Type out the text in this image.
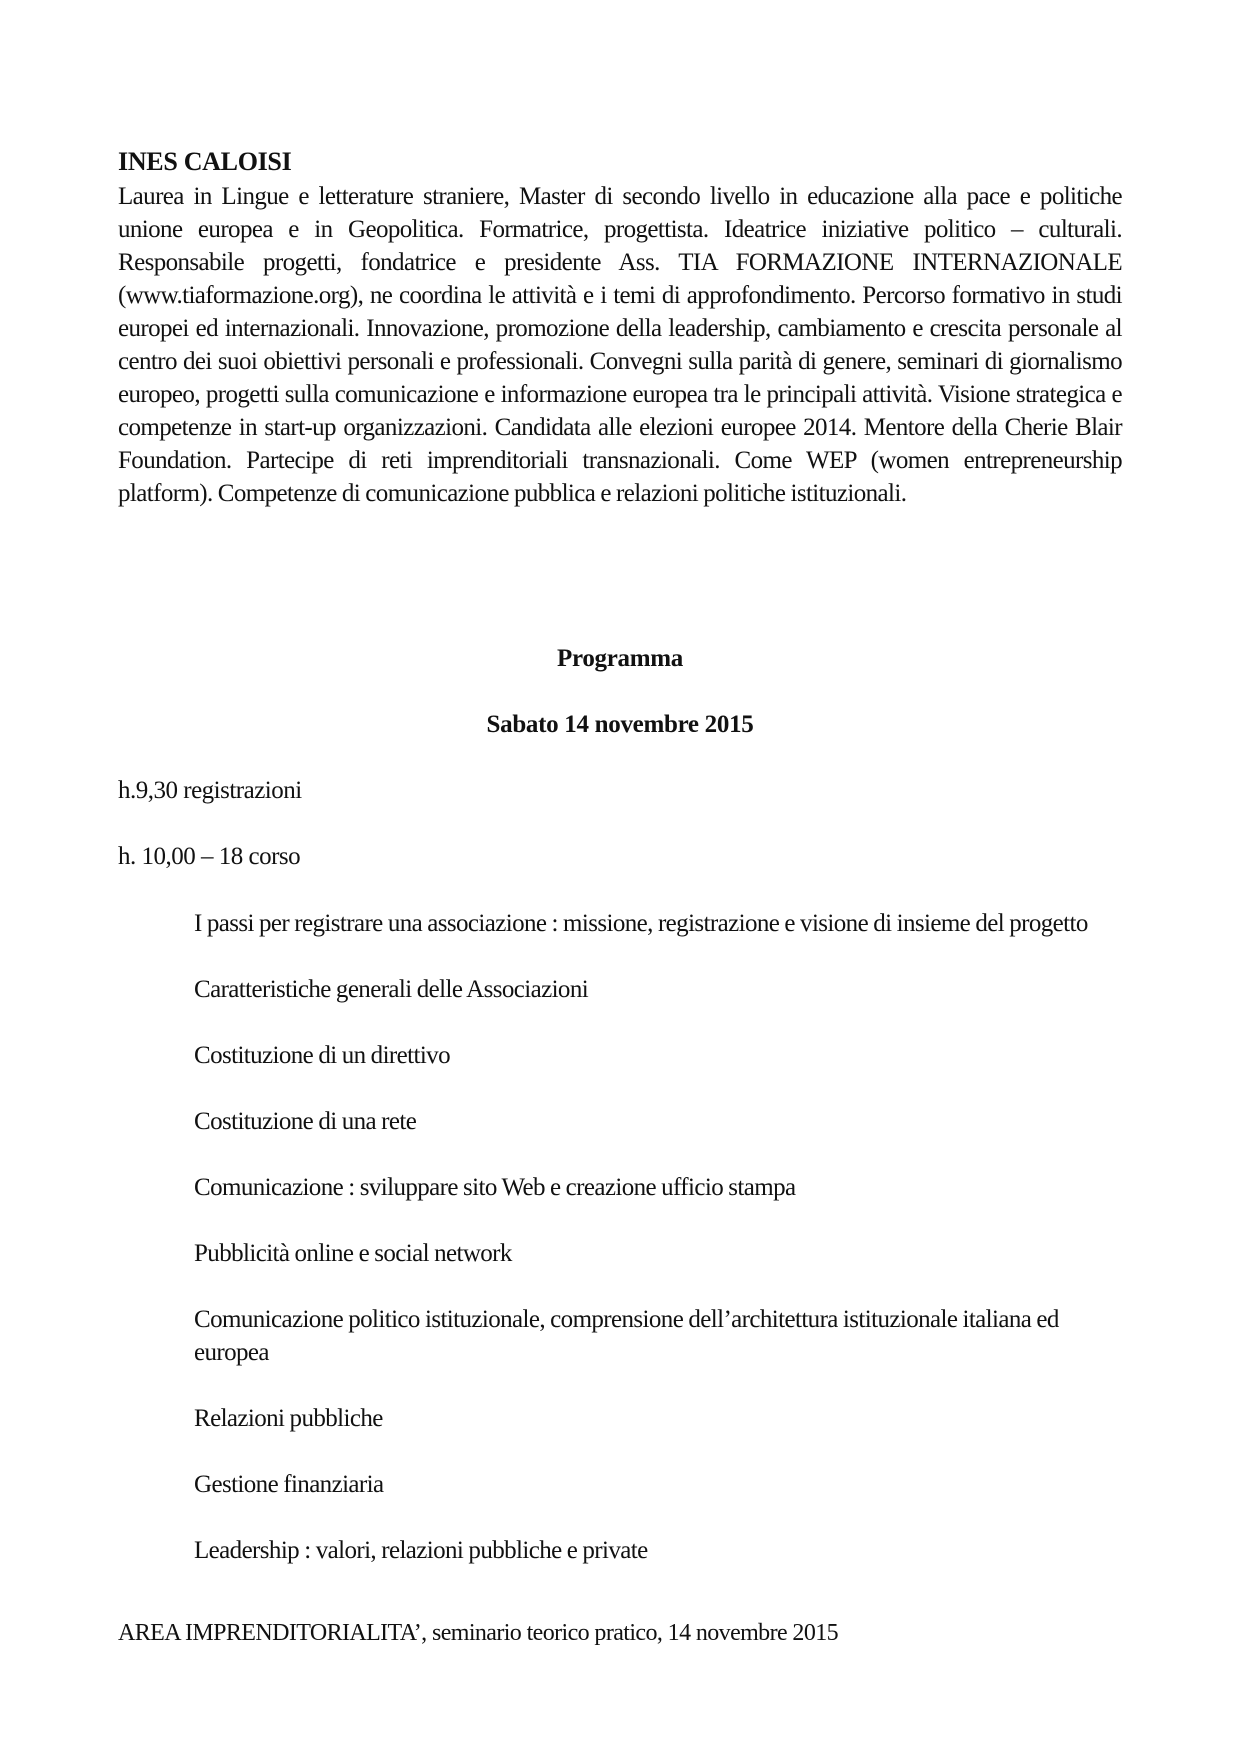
INES CALOISI
Laurea in Lingue e letterature straniere, Master di secondo livello in educazione alla pace e politiche unione europea e in Geopolitica. Formatrice, progettista. Ideatrice iniziative politico – culturali. Responsabile progetti, fondatrice e presidente Ass. TIA FORMAZIONE INTERNAZIONALE (www.tiaformazione.org), ne coordina le attività e i temi di approfondimento. Percorso formativo in studi europei ed internazionali. Innovazione, promozione della leadership, cambiamento e crescita personale al centro dei suoi obiettivi personali e professionali. Convegni sulla parità di genere, seminari di giornalismo europeo, progetti sulla comunicazione e informazione europea tra le principali attività. Visione strategica e competenze in start-up organizzazioni. Candidata alle elezioni europee 2014. Mentore della Cherie Blair Foundation. Partecipe di reti imprenditoriali transnazionali. Come WEP (women entrepreneurship platform). Competenze di comunicazione pubblica e relazioni politiche istituzionali.
Programma
Sabato 14 novembre 2015
h.9,30 registrazioni
h. 10,00 – 18 corso
I passi per registrare una associazione : missione, registrazione e visione di insieme del progetto
Caratteristiche generali delle Associazioni
Costituzione di un direttivo
Costituzione di una rete
Comunicazione : sviluppare sito Web e creazione ufficio stampa
Pubblicità online e social network
Comunicazione politico istituzionale, comprensione dell’architettura istituzionale italiana ed europea
Relazioni pubbliche
Gestione finanziaria
Leadership : valori, relazioni pubbliche e private
AREA IMPRENDITORIALITA’, seminario teorico pratico, 14 novembre 2015
